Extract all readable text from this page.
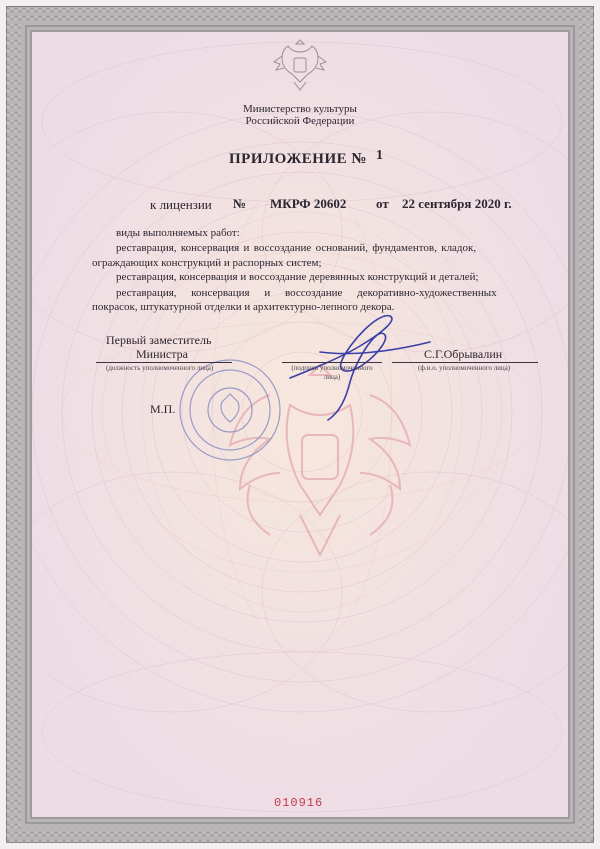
Министерство культуры
Российской Федерации
ПРИЛОЖЕНИЕ № 1
к лицензии № МКРФ 20602 от 22 сентября 2020 г.
виды выполняемых работ:
реставрация, консервация и воссоздание оснований, фундаментов, кладок,
ограждающих конструкций и распорных систем;
реставрация, консервация и воссоздание деревянных конструкций и деталей;
реставрация, консервация и воссоздание декоративно-художественных
покрасок, штукатурной отделки и архитектурно-лепного декора.
Первый заместитель
Министра	С.Г.Обрывалин
(должность уполномоченного лица)	(подпись уполномоченного
лица)
(ф.и.о. уполномоченного лица)
М.П.
010916
